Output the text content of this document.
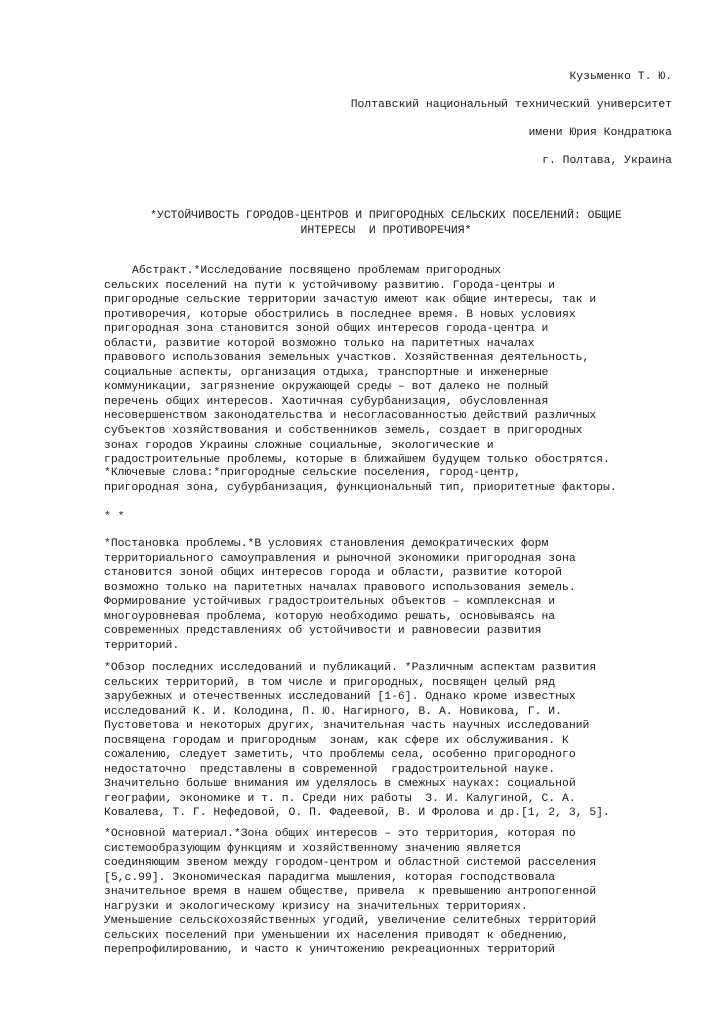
Кузьменко Т. Ю.
Полтавский национальный технический университет
имени Юрия Кондратюка
г. Полтава, Украина
*УСТОЙЧИВОСТЬ ГОРОДОВ-ЦЕНТРОВ И ПРИГОРОДНЫХ СЕЛЬСКИХ ПОСЕЛЕНИЙ: ОБЩИЕ
ИНТЕРЕСЫ  И ПРОТИВОРЕЧИЯ*
Абстракт.*Исследование посвящено проблемам пригородных
сельских поселений на пути к устойчивому развитию. Города-центры и
пригородные сельские территории зачастую имеют как общие интересы, так и
противоречия, которые обострились в последнее время. В новых условиях
пригородная зона становится зоной общих интересов города-центра и
области, развитие которой возможно только на паритетных началах
правового использования земельных участков. Хозяйственная деятельность,
социальные аспекты, организация отдыха, транспортные и инженерные
коммуникации, загрязнение окружающей среды – вот далеко не полный
перечень общих интересов. Хаотичная субурбанизация, обусловленная
несовершенством законодательства и несогласованностью действий различных
субъектов хозяйствования и собственников земель, создает в пригородных
зонах городов Украины сложные социальные, экологические и
градостроительные проблемы, которые в ближайшем будущем только обострятся.
*Ключевые слова:*пригородные сельские поселения, город-центр,
пригородная зона, субурбанизация, функциональный тип, приоритетные факторы.
* *
*Постановка проблемы.*В условиях становления демократических форм
территориального самоуправления и рыночной экономики пригородная зона
становится зоной общих интересов города и области, развитие которой
возможно только на паритетных началах правового использования земель.
Формирование устойчивых градостроительных объектов – комплексная и
многоуровневая проблема, которую необходимо решать, основываясь на
современных представлениях об устойчивости и равновесии развития
территорий.
*Обзор последних исследований и публикаций. *Различным аспектам развития
сельских территорий, в том числе и пригородных, посвящен целый ряд
зарубежных и отечественных исследований [1-6]. Однако кроме известных
исследований К. И. Колодина, П. Ю. Нагирного, В. А. Новикова, Г. И.
Пустоветова и некоторых других, значительная часть научных исследований
посвящена городам и пригородным  зонам, как сфере их обслуживания. К
сожалению, следует заметить, что проблемы села, особенно пригородного
недостаточно  представлены в современной  градостроительной науке.
Значительно больше внимания им уделялось в смежных науках: социальной
географии, экономике и т. п. Среди них работы  З. И. Калугиной, С. А.
Ковалева, Т. Г. Нефедовой, О. П. Фадеевой, В. И Фролова и др.[1, 2, 3, 5].
*Основной материал.*Зона общих интересов – это территория, которая по
системообразующим функциям и хозяйственному значению является
соединяющим звеном между городом-центром и областной системой расселения
[5,с.99]. Экономическая парадигма мышления, которая господствовала
значительное время в нашем обществе, привела  к превышению антропогенной
нагрузки и экологическому кризису на значительных территориях.
Уменьшение сельскохозяйственных угодий, увеличение селитебных территорий
сельских поселений при уменьшении их населения приводят к обеднению,
перепрофилированию, и часто к уничтожению рекреационных территорий
